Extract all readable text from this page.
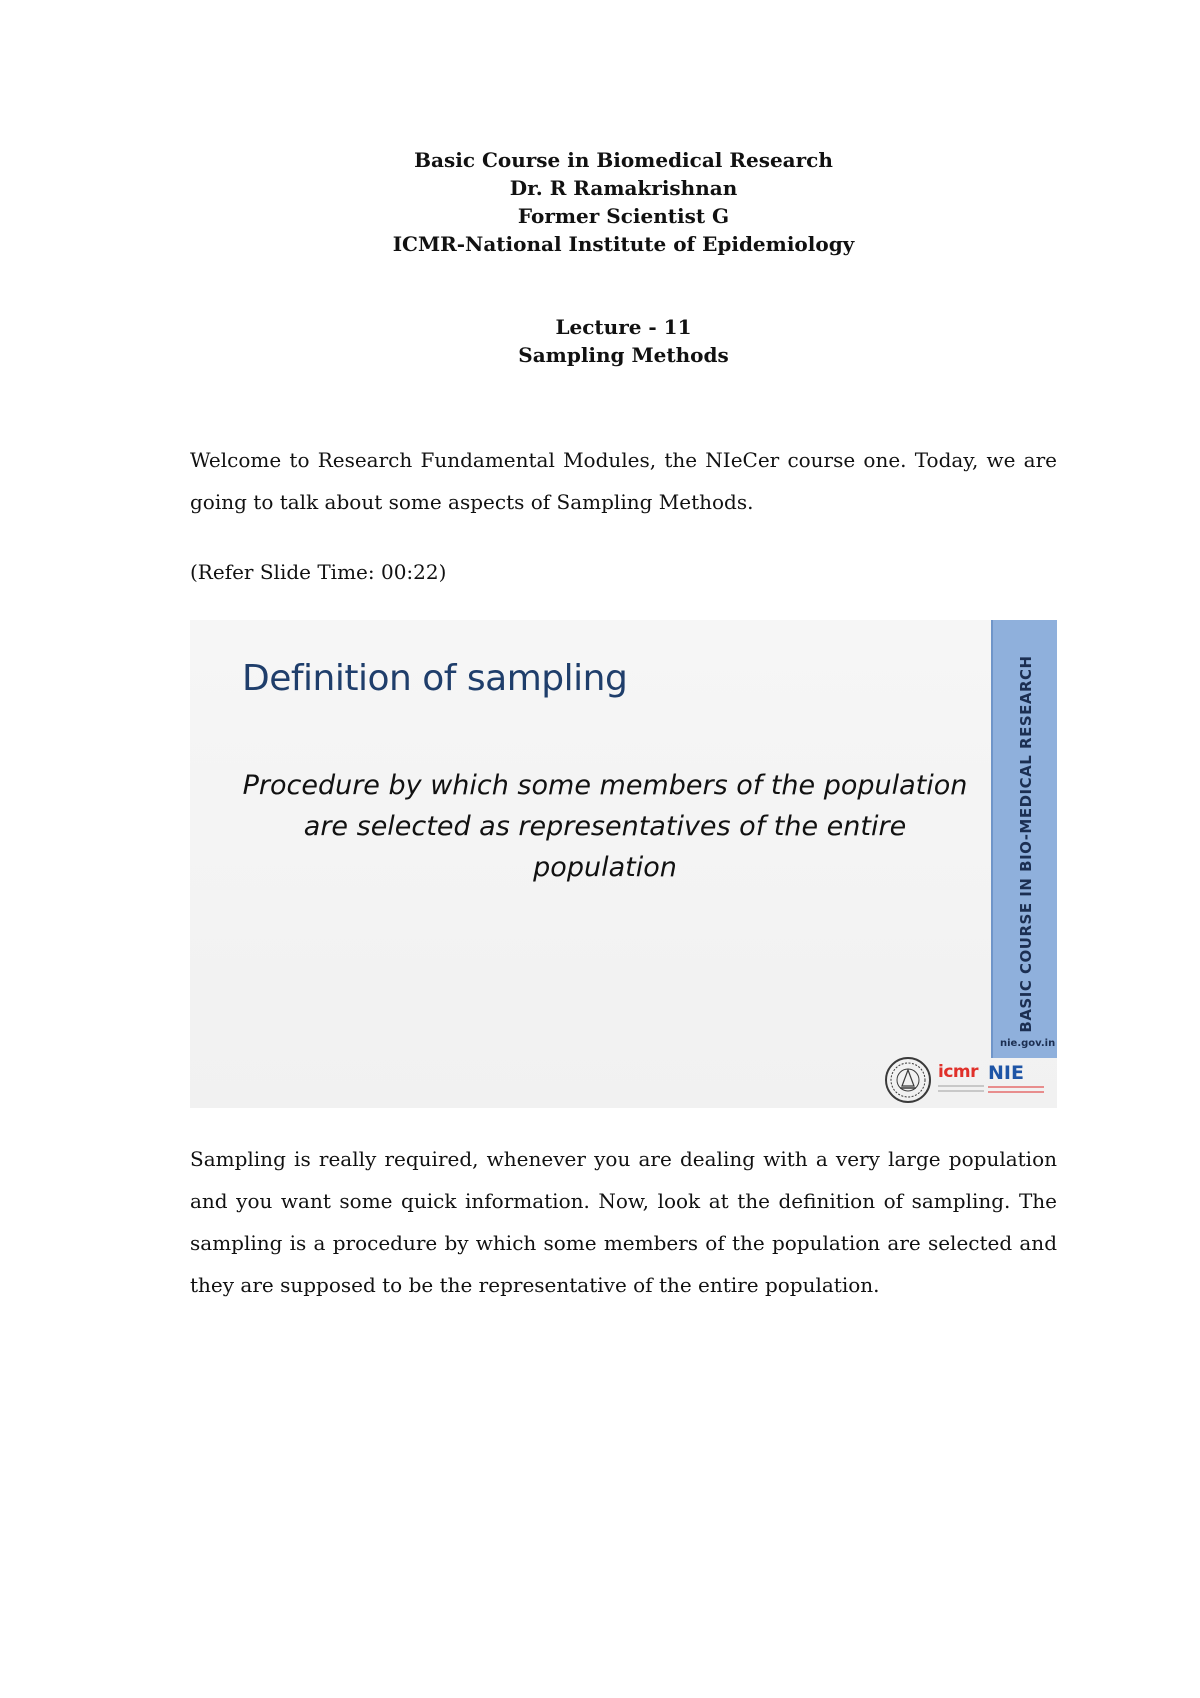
Basic Course in Biomedical Research
Dr. R Ramakrishnan
Former Scientist G
ICMR-National Institute of Epidemiology
Lecture - 11
Sampling Methods

Welcome to Research Fundamental Modules, the NIeCer course one. Today, we are going to talk about some aspects of Sampling Methods.

(Refer Slide Time: 00:22)

Definition of sampling
Procedure by which some members of the population are selected as representatives of the entire population	BASIC COURSE IN BIO-MEDICAL RESEARCH
nie.gov.in
icmr NIE

Sampling is really required, whenever you are dealing with a very large population and you want some quick information. Now, look at the definition of sampling. The sampling is a procedure by which some members of the population are selected and they are supposed to be the representative of the entire population.
